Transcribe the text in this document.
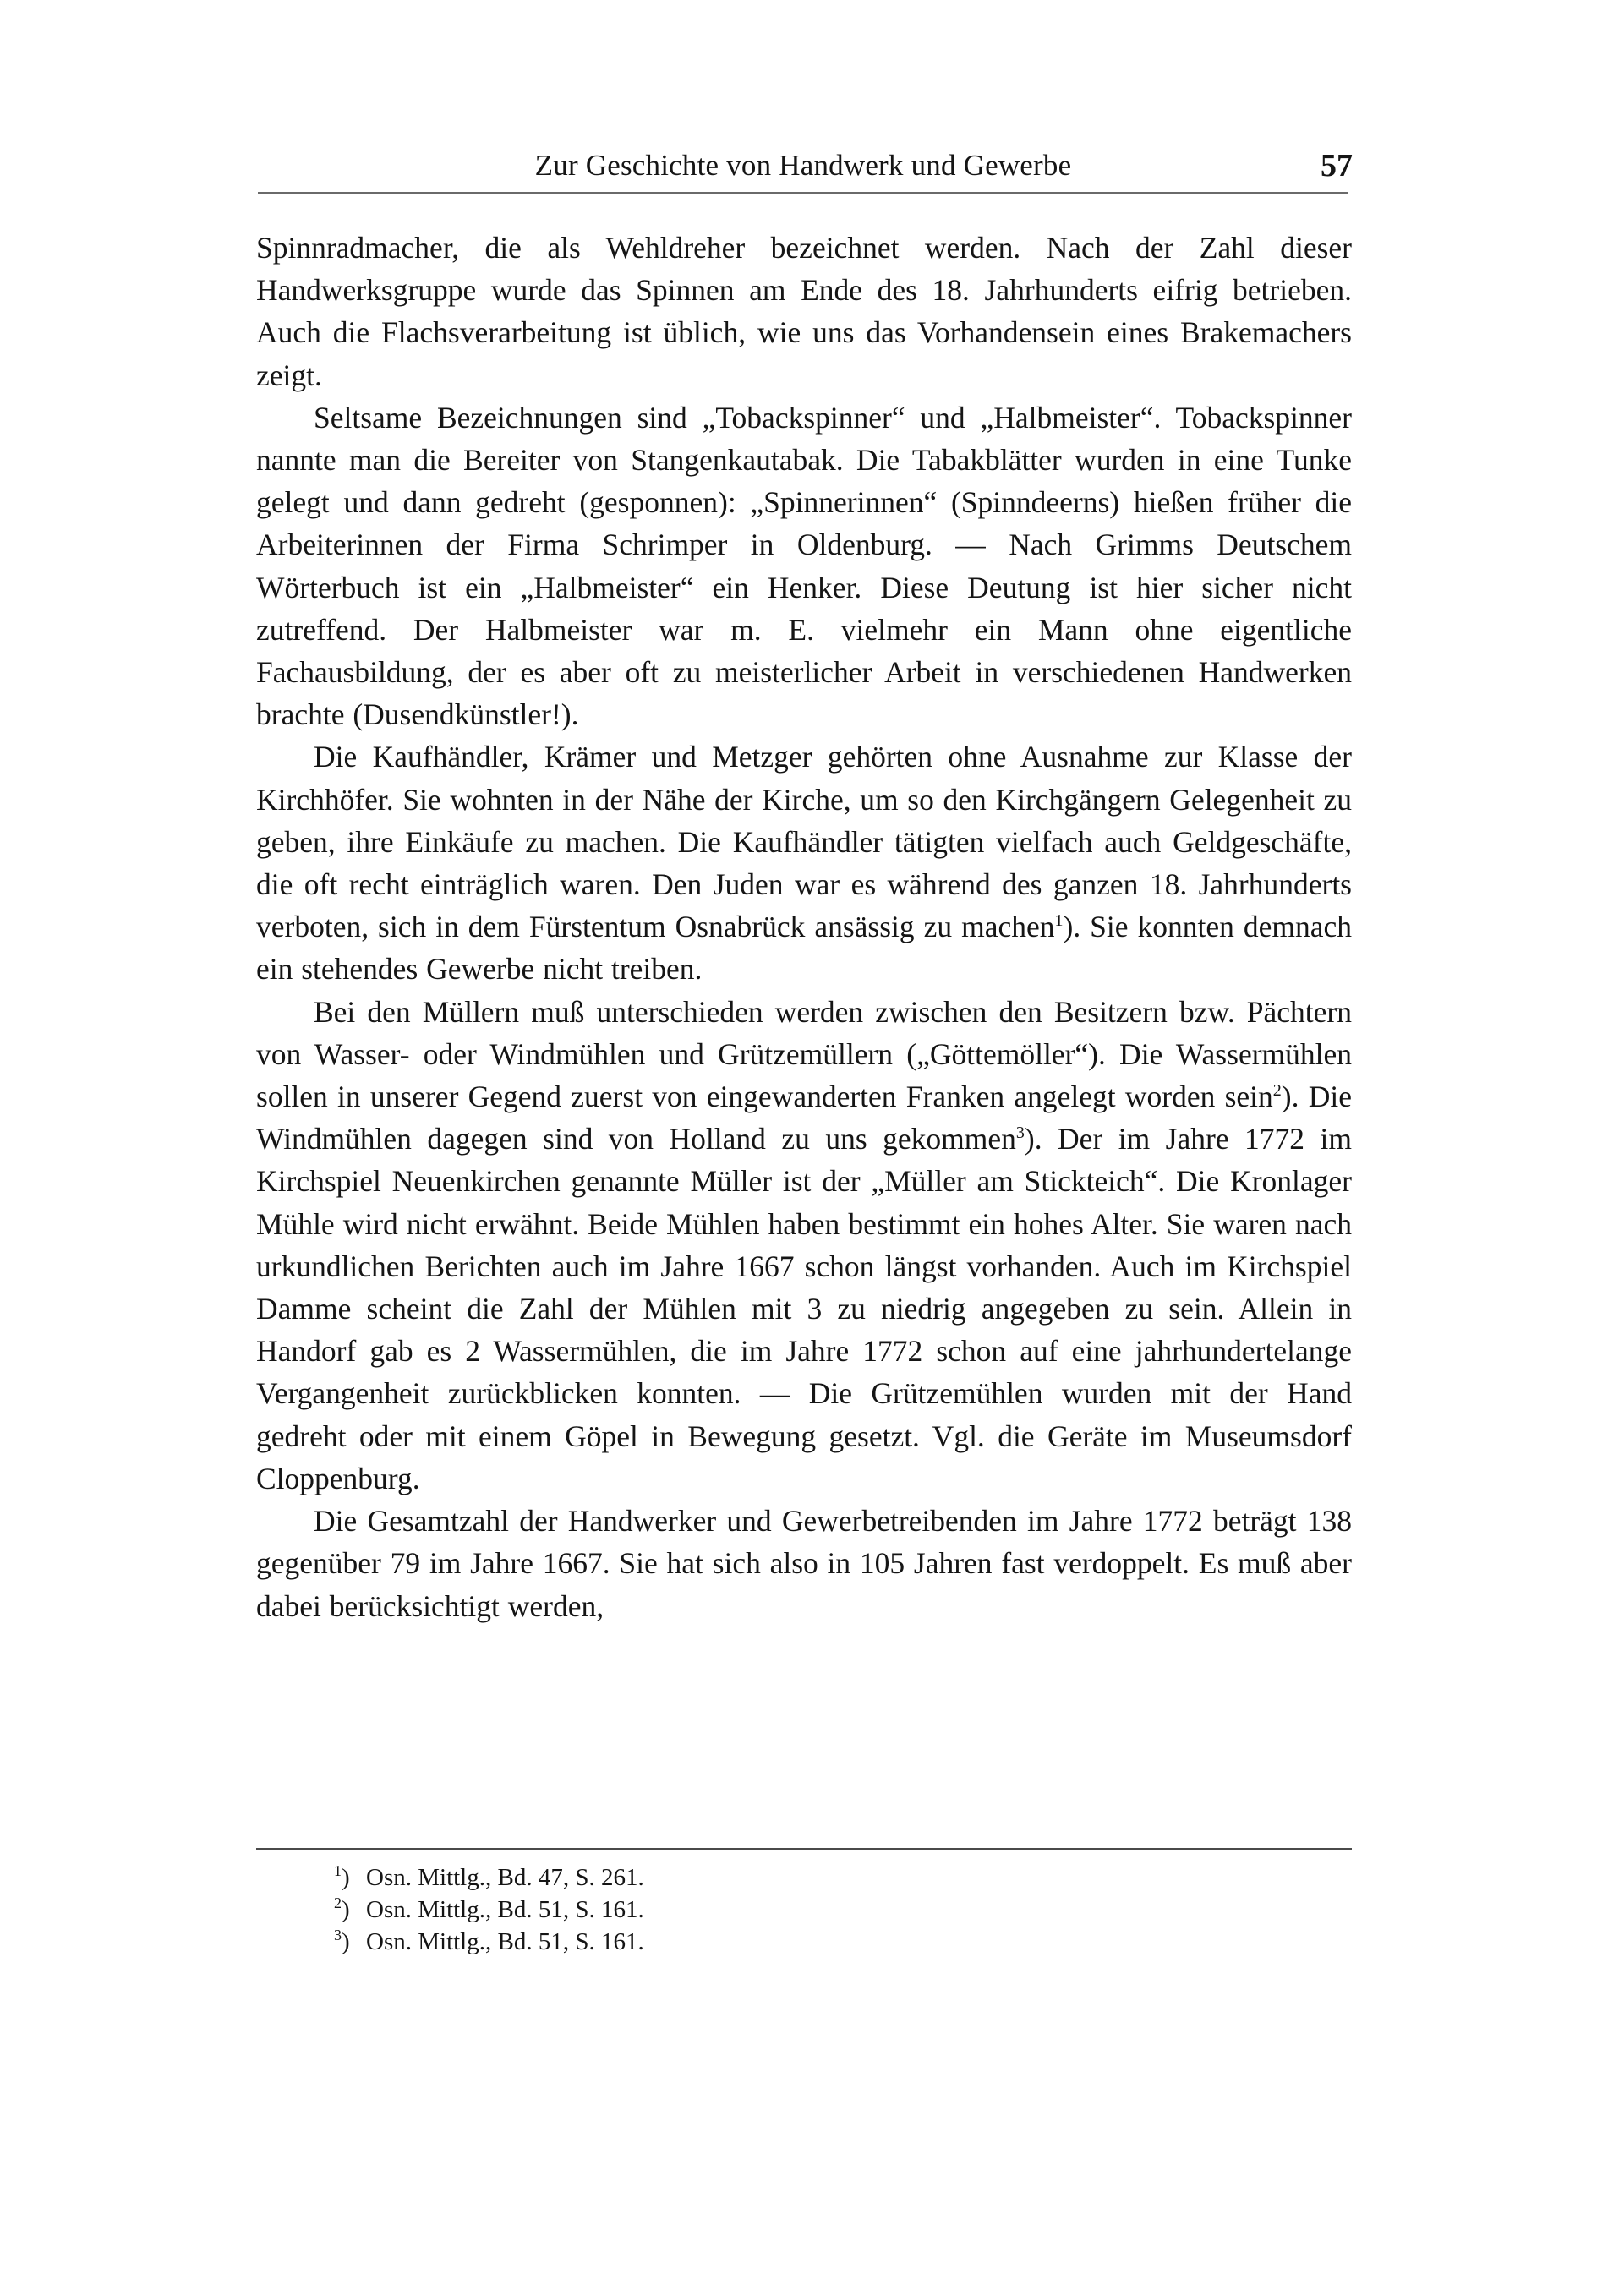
Zur Geschichte von Handwerk und Gewerbe	57

Spinnradmacher, die als Wehldreher bezeichnet werden. Nach der Zahl dieser Handwerksgruppe wurde das Spinnen am Ende des 18. Jahrhunderts eifrig betrieben. Auch die Flachsverarbeitung ist üblich, wie uns das Vorhandensein eines Brakemachers zeigt.

Seltsame Bezeichnungen sind „Tobackspinner“ und „Halbmeister“. Tobackspinner nannte man die Bereiter von Stangenkautabak. Die Tabakblätter wurden in eine Tunke gelegt und dann gedreht (gesponnen): „Spinnerinnen“ (Spinndeerns) hießen früher die Arbeiterinnen der Firma Schrimper in Oldenburg. — Nach Grimms Deutschem Wörterbuch ist ein „Halbmeister“ ein Henker. Diese Deutung ist hier sicher nicht zutreffend. Der Halbmeister war m. E. vielmehr ein Mann ohne eigentliche Fachausbildung, der es aber oft zu meisterlicher Arbeit in verschiedenen Handwerken brachte (Dusendkünstler!).

Die Kaufhändler, Krämer und Metzger gehörten ohne Ausnahme zur Klasse der Kirchhöfer. Sie wohnten in der Nähe der Kirche, um so den Kirchgängern Gelegenheit zu geben, ihre Einkäufe zu machen. Die Kaufhändler tätigten vielfach auch Geldgeschäfte, die oft recht einträglich waren. Den Juden war es während des ganzen 18. Jahrhunderts verboten, sich in dem Fürstentum Osnabrück ansässig zu machen$^1$). Sie konnten demnach ein stehendes Gewerbe nicht treiben.

Bei den Müllern muß unterschieden werden zwischen den Besitzern bzw. Pächtern von Wasser- oder Windmühlen und Grützemüllern („Göttemöller“). Die Wassermühlen sollen in unserer Gegend zuerst von eingewanderten Franken angelegt worden sein$^2$). Die Windmühlen dagegen sind von Holland zu uns gekommen$^3$). Der im Jahre 1772 im Kirchspiel Neuenkirchen genannte Müller ist der „Müller am Stickteich“. Die Kronlager Mühle wird nicht erwähnt. Beide Mühlen haben bestimmt ein hohes Alter. Sie waren nach urkundlichen Berichten auch im Jahre 1667 schon längst vorhanden. Auch im Kirchspiel Damme scheint die Zahl der Mühlen mit 3 zu niedrig angegeben zu sein. Allein in Handorf gab es 2 Wassermühlen, die im Jahre 1772 schon auf eine jahrhundertelange Vergangenheit zurückblicken konnten. — Die Grützemühlen wurden mit der Hand gedreht oder mit einem Göpel in Bewegung gesetzt. Vgl. die Geräte im Museumsdorf Cloppenburg.

Die Gesamtzahl der Handwerker und Gewerbetreibenden im Jahre 1772 beträgt 138 gegenüber 79 im Jahre 1667. Sie hat sich also in 105 Jahren fast verdoppelt. Es muß aber dabei berücksichtigt werden,

$^1$) Osn. Mittlg., Bd. 47, S. 261.
$^2$) Osn. Mittlg., Bd. 51, S. 161.
$^3$) Osn. Mittlg., Bd. 51, S. 161.
